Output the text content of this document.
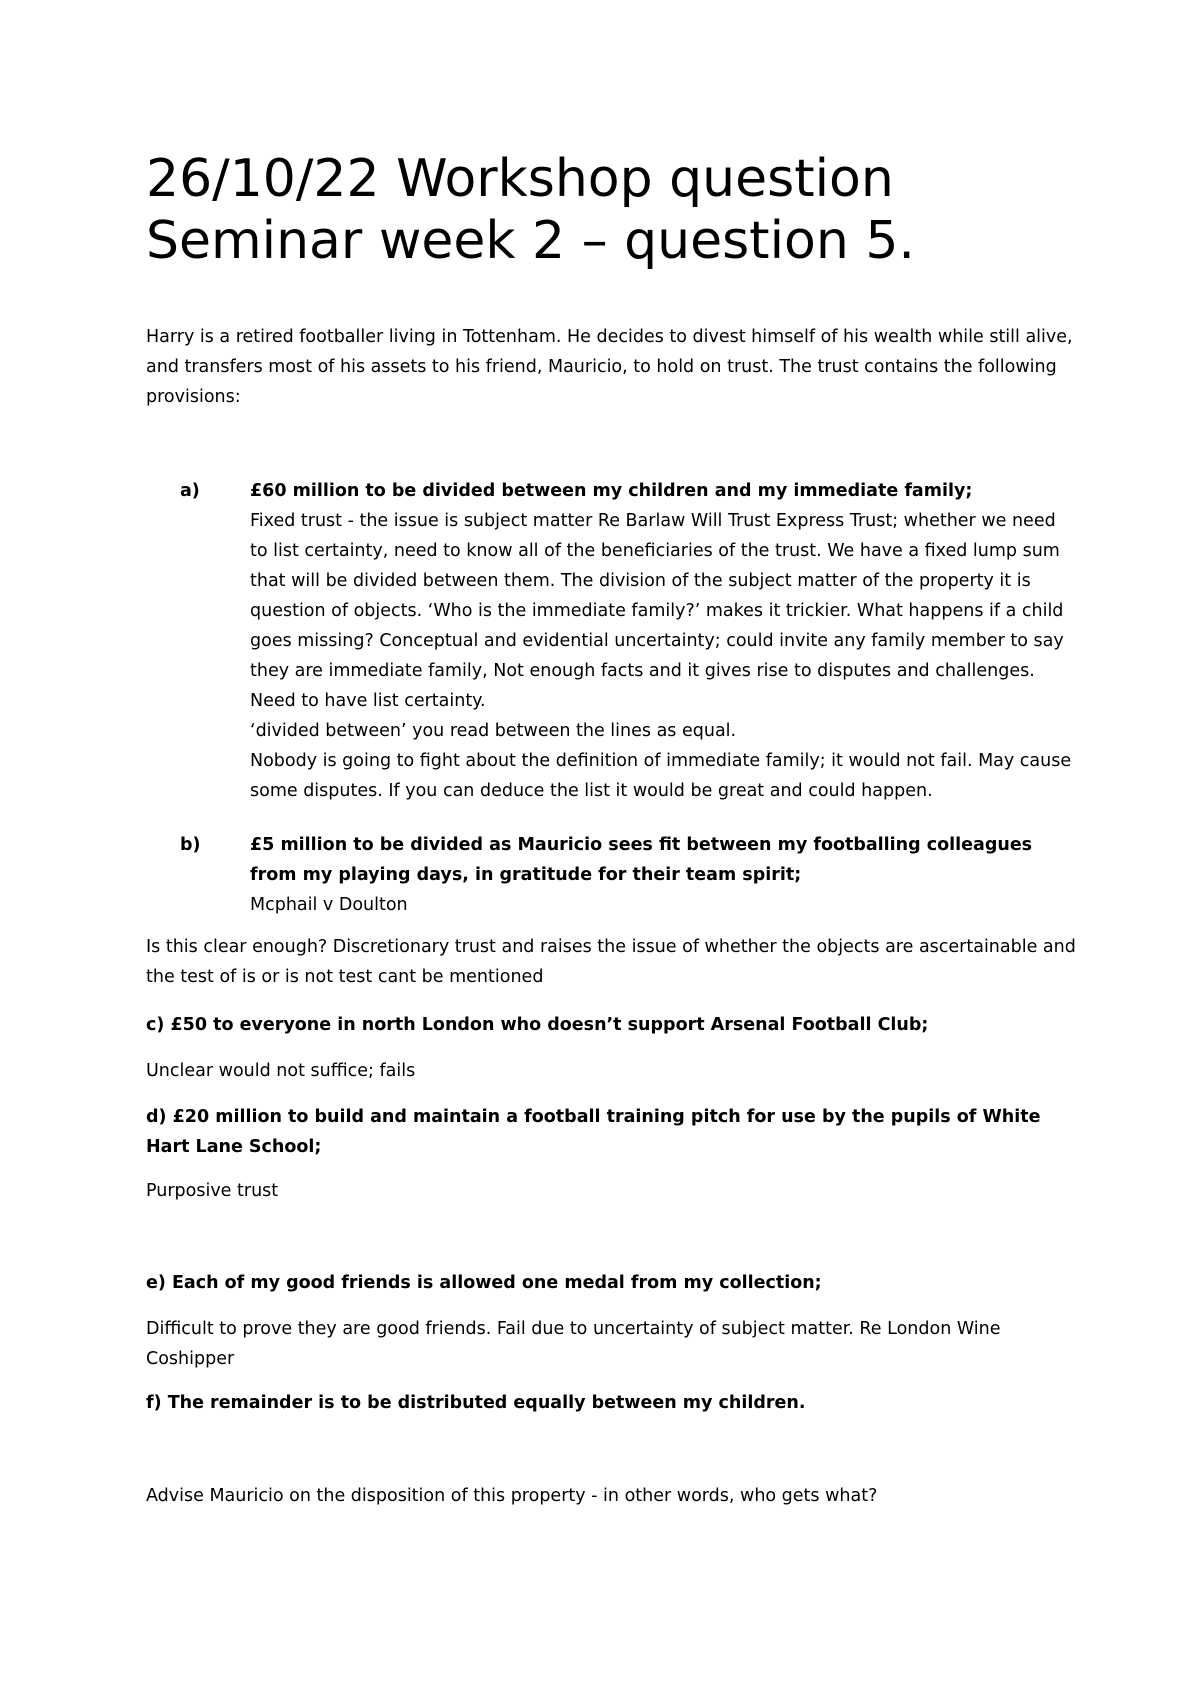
26/10/22 Workshop question
Seminar week 2 – question 5.

Harry is a retired footballer living in Tottenham. He decides to divest himself of his wealth while still alive, and transfers most of his assets to his friend, Mauricio, to hold on trust. The trust contains the following provisions:

a)	£60 million to be divided between my children and my immediate family;

Fixed trust - the issue is subject matter Re Barlaw Will Trust Express Trust; whether we need to list certainty, need to know all of the beneficiaries of the trust. We have a fixed lump sum that will be divided between them. The division of the subject matter of the property it is question of objects. ‘Who is the immediate family?’ makes it trickier. What happens if a child goes missing? Conceptual and evidential uncertainty; could invite any family member to say they are immediate family, Not enough facts and it gives rise to disputes and challenges.

Need to have list certainty.

‘divided between’ you read between the lines as equal.

Nobody is going to fight about the definition of immediate family; it would not fail. May cause some disputes. If you can deduce the list it would be great and could happen.

b)	£5 million to be divided as Mauricio sees fit between my footballing colleagues from my playing days, in gratitude for their team spirit;

Mcphail v Doulton

Is this clear enough? Discretionary trust and raises the issue of whether the objects are ascertainable and the test of is or is not test cant be mentioned

c) £50 to everyone in north London who doesn’t support Arsenal Football Club;

Unclear would not suffice; fails

d) £20 million to build and maintain a football training pitch for use by the pupils of White Hart Lane School;

Purposive trust

e) Each of my good friends is allowed one medal from my collection;

Difficult to prove they are good friends. Fail due to uncertainty of subject matter. Re London Wine Coshipper

f) The remainder is to be distributed equally between my children.

Advise Mauricio on the disposition of this property - in other words, who gets what?
